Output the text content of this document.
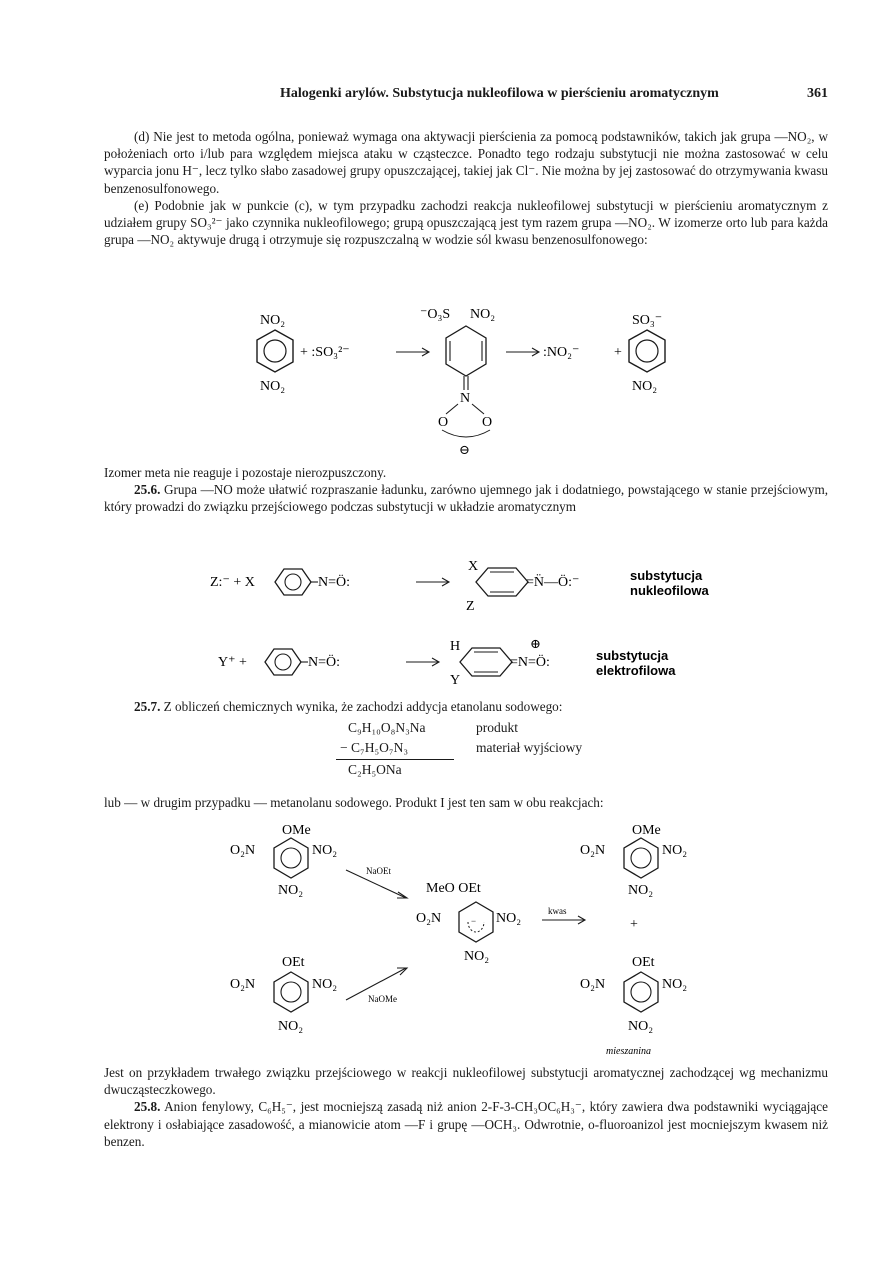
Halogenki arylów. Substytucja nukleofilowa w pierścieniu aromatycznym	361

(d) Nie jest to metoda ogólna, ponieważ wymaga ona aktywacji pierścienia za pomocą podstawników, takich jak grupa —NO₂, w położeniach orto i/lub para względem miejsca ataku w cząsteczce. Ponadto tego rodzaju substytucji nie można zastosować w celu wyparcia jonu H⁻, lecz tylko słabo zasadowej grupy opuszczającej, takiej jak Cl⁻. Nie można by jej zastosować do otrzymywania kwasu benzenosulfonowego.

(e) Podobnie jak w punkcie (c), w tym przypadku zachodzi reakcja nukleofilowej substytucji w pierścieniu aromatycznym z udziałem grupy SO₃²⁻ jako czynnika nukleofilowego; grupą opuszczającą jest tym razem grupa —NO₂. W izomerze orto lub para każda grupa —NO₂ aktywuje drugą i otrzymuje się rozpuszczalną w wodzie sól kwasu benzenosulfonowego:

NO₂
NO₂
+ :SO₃²⁻
⁻O₃S NO₂
N
O O
⊖
:NO₂⁻ +
SO₃⁻
NO₂

Izomer meta nie reaguje i pozostaje nierozpuszczony.

25.6. Grupa —NO może ułatwić rozpraszanie ładunku, zarówno ujemnego jak i dodatniego, powstającego w stanie przejściowym, który prowadzi do związku przejściowego podczas substytucji w układzie aromatycznym

Z:⁻ + X	N=Ö:
X
Z
=N̈—Ö:⁻	substytucja nukleofilowa
Y⁺ +	N=Ö:
H
Y
⊕
=N=Ö:	substytucja elektrofilowa

25.7. Z obliczeń chemicznych wynika, że zachodzi addycja etanolanu sodowego:

C₉H₁₀O₈N₃Na	produkt
− C₇H₅O₇N₃	materiał wyjściowy
C₂H₅ONa

lub — w drugim przypadku — metanolanu sodowego. Produkt I jest ten sam w obu reakcjach:

OMe
O₂N	NO₂
NO₂
NaOEt
MeO OEt
O₂N	NO₂
−
NO₂
kwas
OEt
O₂N	NO₂
NO₂
NaOMe
OMe
O₂N	NO₂
NO₂
+
OEt
O₂N	NO₂
NO₂
mieszanina

Jest on przykładem trwałego związku przejściowego w reakcji nukleofilowej substytucji aromatycznej zachodzącej wg mechanizmu dwucząsteczkowego.

25.8. Anion fenylowy, C₆H₅⁻, jest mocniejszą zasadą niż anion 2-F-3-CH₃OC₆H₃⁻, który zawiera dwa podstawniki wyciągające elektrony i osłabiające zasadowość, a mianowicie atom —F i grupę —OCH₃. Odwrotnie, o-fluoroanizol jest mocniejszym kwasem niż benzen.
